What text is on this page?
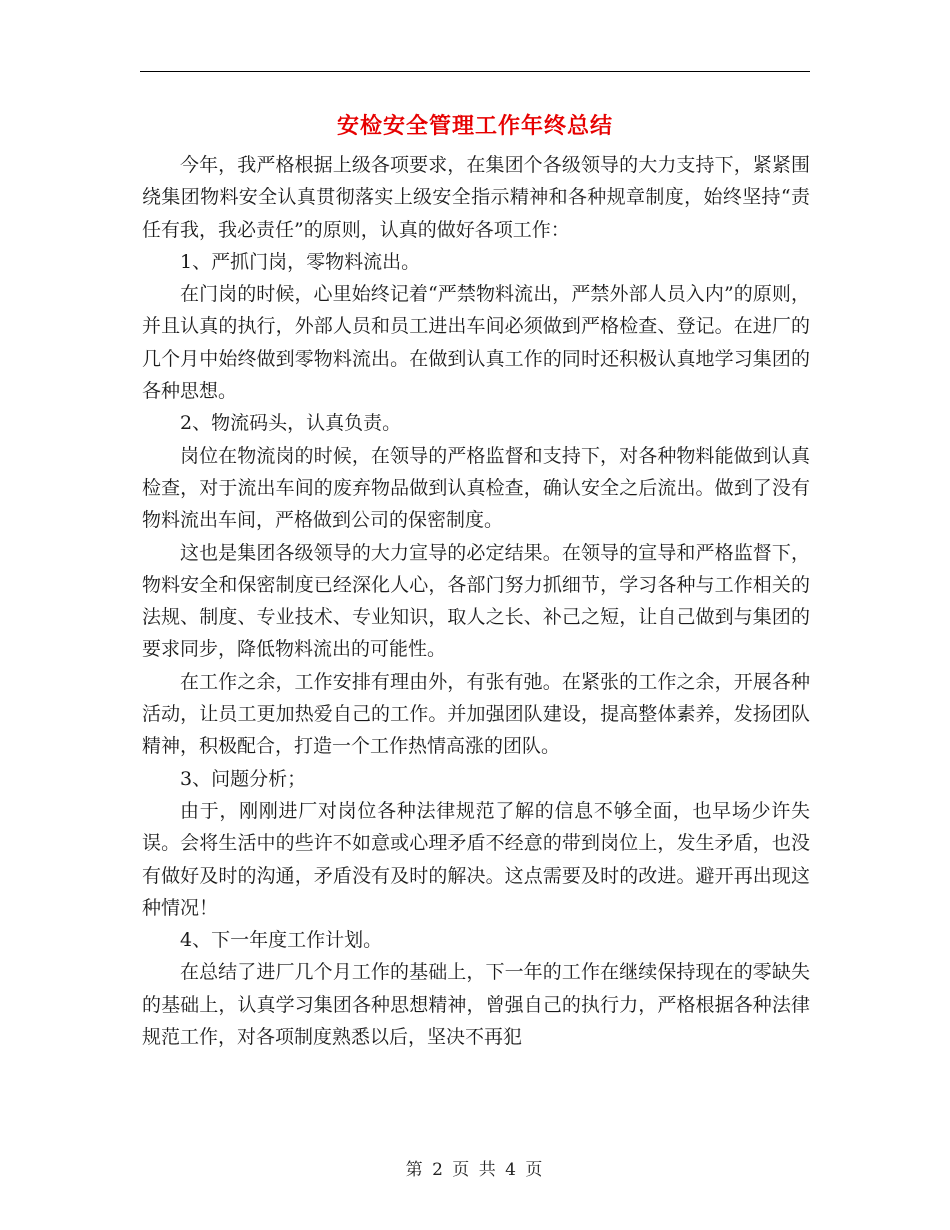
安检安全管理工作年终总结

今年，我严格根据上级各项要求，在集团个各级领导的大力支持下，紧紧围绕集团物料安全认真贯彻落实上级安全指示精神和各种规章制度，始终坚持“责任有我，我必责任”的原则，认真的做好各项工作：

1、严抓门岗，零物料流出。

在门岗的时候，心里始终记着“严禁物料流出，严禁外部人员入内”的原则，并且认真的执行，外部人员和员工进出车间必须做到严格检查、登记。在进厂的几个月中始终做到零物料流出。在做到认真工作的同时还积极认真地学习集团的各种思想。

2、物流码头，认真负责。

岗位在物流岗的时候，在领导的严格监督和支持下，对各种物料能做到认真检查，对于流出车间的废弃物品做到认真检查，确认安全之后流出。做到了没有物料流出车间，严格做到公司的保密制度。

这也是集团各级领导的大力宣导的必定结果。在领导的宣导和严格监督下，物料安全和保密制度已经深化人心，各部门努力抓细节，学习各种与工作相关的法规、制度、专业技术、专业知识，取人之长、补己之短，让自己做到与集团的要求同步，降低物料流出的可能性。

在工作之余，工作安排有理由外，有张有弛。在紧张的工作之余，开展各种活动，让员工更加热爱自己的工作。并加强团队建设，提高整体素养，发扬团队精神，积极配合，打造一个工作热情高涨的团队。

3、问题分析；

由于，刚刚进厂对岗位各种法律规范了解的信息不够全面，也早场少许失误。会将生活中的些许不如意或心理矛盾不经意的带到岗位上，发生矛盾，也没有做好及时的沟通，矛盾没有及时的解决。这点需要及时的改进。避开再出现这种情况！

4、下一年度工作计划。

在总结了进厂几个月工作的基础上，下一年的工作在继续保持现在的零缺失的基础上，认真学习集团各种思想精神，曾强自己的执行力，严格根据各种法律规范工作，对各项制度熟悉以后，坚决不再犯

第 2 页 共 4 页
